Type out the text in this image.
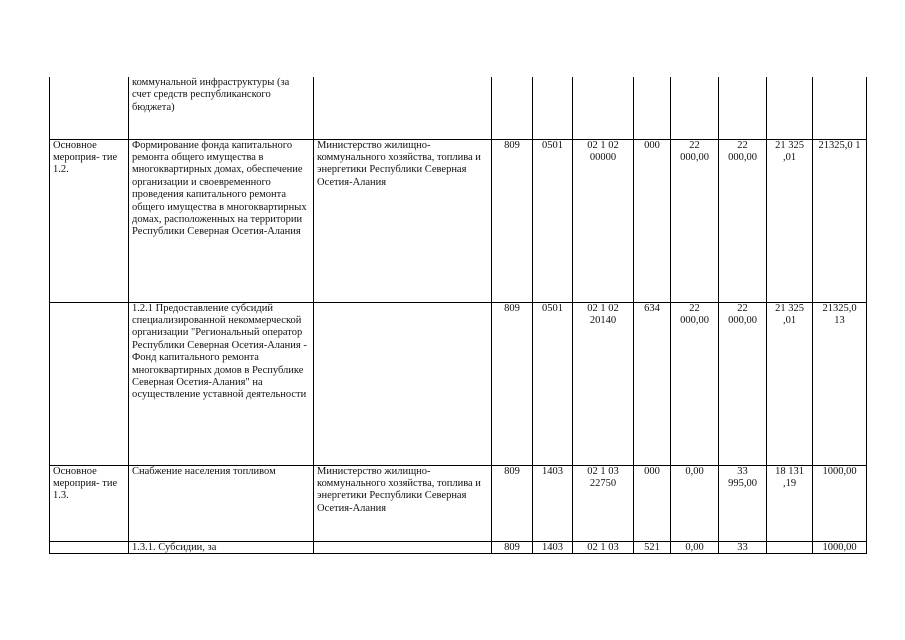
	коммунальной инфраструктуры (за счет средств республиканского бюджета)									
Основное мероприя- тие 1.2.	Формирование фонда капитального ремонта общего имущества в многоквартирных домах, обеспечение организации и своевременного проведения капитального ремонта общего имущества в многоквартирных домах, расположенных на территории Республики Северная Осетия-Алания	Министерство жилищно-коммунального хозяйства, топлива и энергетики Республики Северная Осетия-Алания	809	0501	02 1 02 00000	000	22 000,00	22 000,00	21 325 ,01	21325,0 1
	1.2.1 Предоставление субсидий специализированной некоммерческой организации "Региональный оператор Республики Северная Осетия-Алания - Фонд капитального ремонта многоквартирных домов в Республике Северная Осетия-Алания" на осуществление уставной деятельности		809	0501	02 1 02 20140	634	22 000,00	22 000,00	21 325 ,01	21325,0 13
Основное мероприя- тие 1.3.	Снабжение населения топливом	Министерство жилищно-коммунального хозяйства, топлива и энергетики Республики Северная Осетия-Алания	809	1403	02 1 03 22750	000	0,00	33 995,00	18 131 ,19	1000,00
	1.3.1. Субсидии, за		809	1403	02 1 03	521	0,00	33		1000,00
